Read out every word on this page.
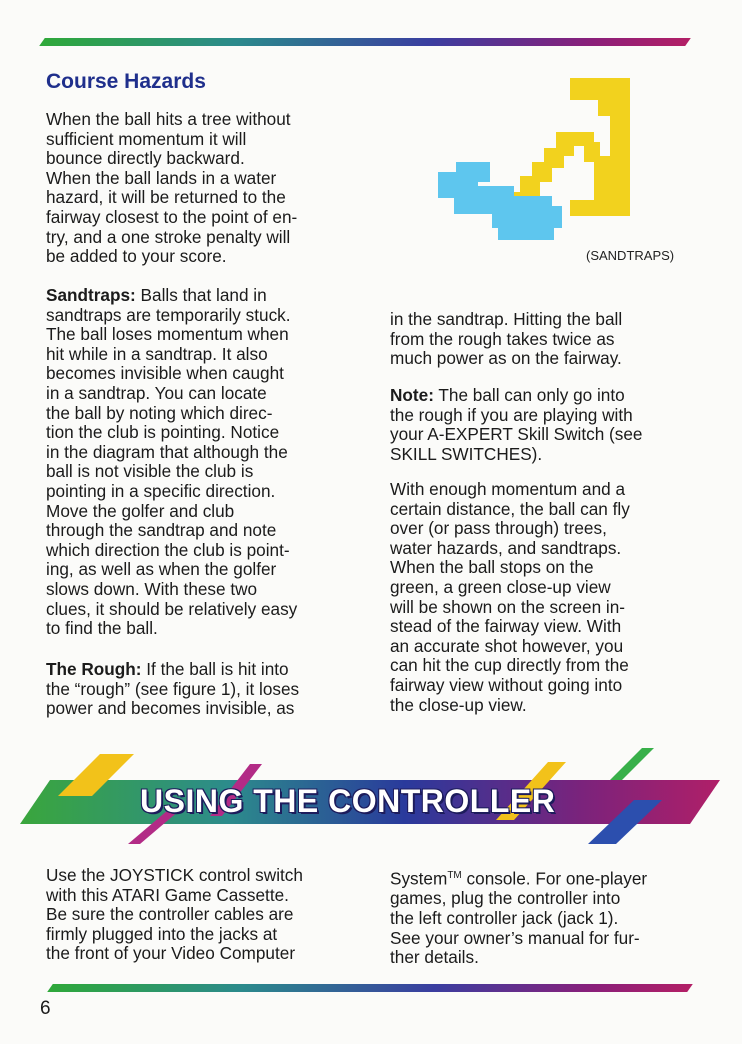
Course Hazards

When the ball hits a tree without
sufficient momentum it will
bounce directly backward.
When the ball lands in a water
hazard, it will be returned to the
fairway closest to the point of en-
try, and a one stroke penalty will
be added to your score.	(SANDTRAPS)

Sandtraps: Balls that land in
sandtraps are temporarily stuck.
The ball loses momentum when
hit while in a sandtrap. It also
becomes invisible when caught
in a sandtrap. You can locate
the ball by noting which direc-
tion the club is pointing. Notice
in the diagram that although the
ball is not visible the club is
pointing in a specific direction.
Move the golfer and club
through the sandtrap and note
which direction the club is point-
ing, as well as when the golfer
slows down. With these two
clues, it should be relatively easy
to find the ball.

The Rough: If the ball is hit into
the “rough” (see figure 1), it loses
power and becomes invisible, as

in the sandtrap. Hitting the ball
from the rough takes twice as
much power as on the fairway.

Note: The ball can only go into
the rough if you are playing with
your A-EXPERT Skill Switch (see
SKILL SWITCHES).

With enough momentum and a
certain distance, the ball can fly
over (or pass through) trees,
water hazards, and sandtraps.
When the ball stops on the
green, a green close-up view
will be shown on the screen in-
stead of the fairway view. With
an accurate shot however, you
can hit the cup directly from the
fairway view without going into
the close-up view.

USING THE CONTROLLER

Use the JOYSTICK control switch
with this ATARI Game Cassette.
Be sure the controller cables are
firmly plugged into the jacks at
the front of your Video Computer

System™ console. For one-player
games, plug the controller into
the left controller jack (jack 1).
See your owner’s manual for fur-
ther details.

6
